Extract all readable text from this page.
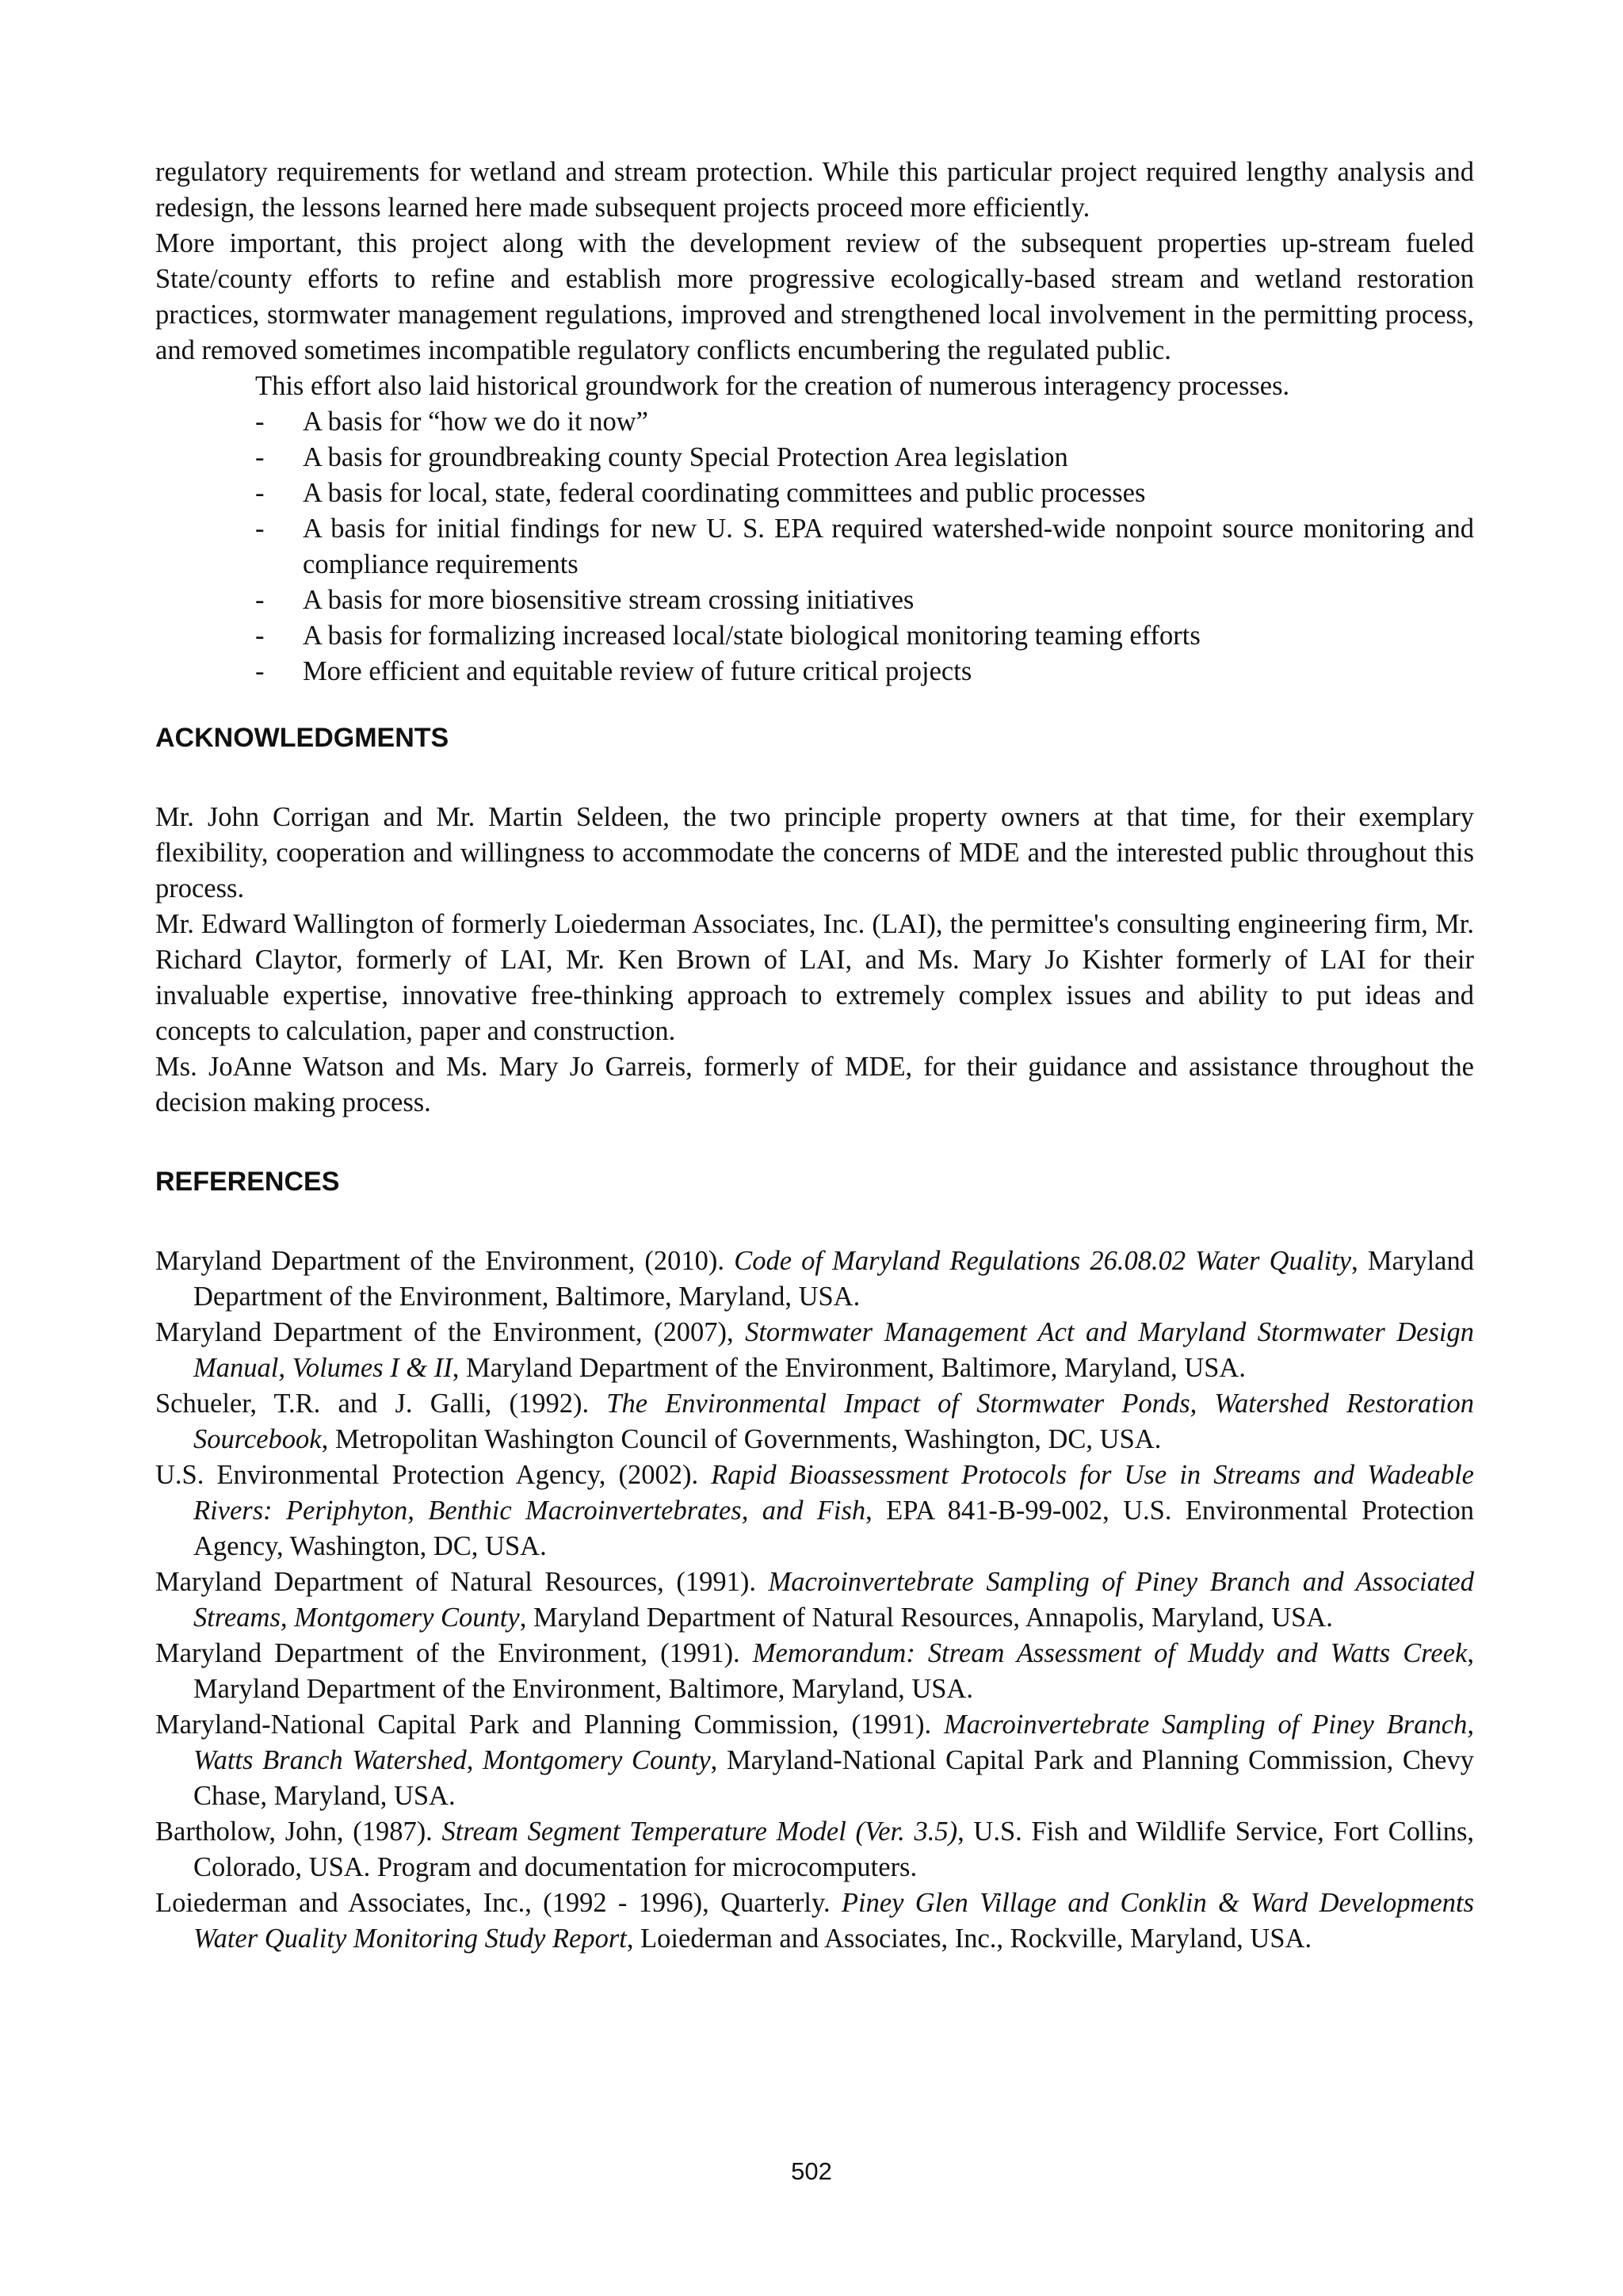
regulatory requirements for wetland and stream protection. While this particular project required lengthy analysis and redesign, the lessons learned here made subsequent projects proceed more efficiently.

More important, this project along with the development review of the subsequent properties up-stream fueled State/county efforts to refine and establish more progressive ecologically-based stream and wetland restoration practices, stormwater management regulations, improved and strengthened local involvement in the permitting process, and removed sometimes incompatible regulatory conflicts encumbering the regulated public.

This effort also laid historical groundwork for the creation of numerous interagency processes.

- A basis for “how we do it now”
- A basis for groundbreaking county Special Protection Area legislation
- A basis for local, state, federal coordinating committees and public processes
- A basis for initial findings for new U. S. EPA required watershed-wide nonpoint source monitoring and compliance requirements
- A basis for more biosensitive stream crossing initiatives
- A basis for formalizing increased local/state biological monitoring teaming efforts
- More efficient and equitable review of future critical projects
ACKNOWLEDGMENTS

Mr. John Corrigan and Mr. Martin Seldeen, the two principle property owners at that time, for their exemplary flexibility, cooperation and willingness to accommodate the concerns of MDE and the interested public throughout this process.

Mr. Edward Wallington of formerly Loiederman Associates, Inc. (LAI), the permittee's consulting engineering firm, Mr. Richard Claytor, formerly of LAI, Mr. Ken Brown of LAI, and Ms. Mary Jo Kishter formerly of LAI for their invaluable expertise, innovative free-thinking approach to extremely complex issues and ability to put ideas and concepts to calculation, paper and construction.

Ms. JoAnne Watson and Ms. Mary Jo Garreis, formerly of MDE, for their guidance and assistance throughout the decision making process.

REFERENCES

Maryland Department of the Environment, (2010). Code of Maryland Regulations 26.08.02 Water Quality, Maryland Department of the Environment, Baltimore, Maryland, USA.

Maryland Department of the Environment, (2007), Stormwater Management Act and Maryland Stormwater Design Manual, Volumes I & II, Maryland Department of the Environment, Baltimore, Maryland, USA.

Schueler, T.R. and J. Galli, (1992). The Environmental Impact of Stormwater Ponds, Watershed Restoration Sourcebook, Metropolitan Washington Council of Governments, Washington, DC, USA.

U.S. Environmental Protection Agency, (2002). Rapid Bioassessment Protocols for Use in Streams and Wadeable Rivers: Periphyton, Benthic Macroinvertebrates, and Fish, EPA 841-B-99-002, U.S. Environmental Protection Agency, Washington, DC, USA.

Maryland Department of Natural Resources, (1991). Macroinvertebrate Sampling of Piney Branch and Associated Streams, Montgomery County, Maryland Department of Natural Resources, Annapolis, Maryland, USA.

Maryland Department of the Environment, (1991). Memorandum: Stream Assessment of Muddy and Watts Creek, Maryland Department of the Environment, Baltimore, Maryland, USA.

Maryland-National Capital Park and Planning Commission, (1991). Macroinvertebrate Sampling of Piney Branch, Watts Branch Watershed, Montgomery County, Maryland-National Capital Park and Planning Commission, Chevy Chase, Maryland, USA.

Bartholow, John, (1987). Stream Segment Temperature Model (Ver. 3.5), U.S. Fish and Wildlife Service, Fort Collins, Colorado, USA. Program and documentation for microcomputers.

Loiederman and Associates, Inc., (1992 - 1996), Quarterly. Piney Glen Village and Conklin & Ward Developments Water Quality Monitoring Study Report, Loiederman and Associates, Inc., Rockville, Maryland, USA.

502
